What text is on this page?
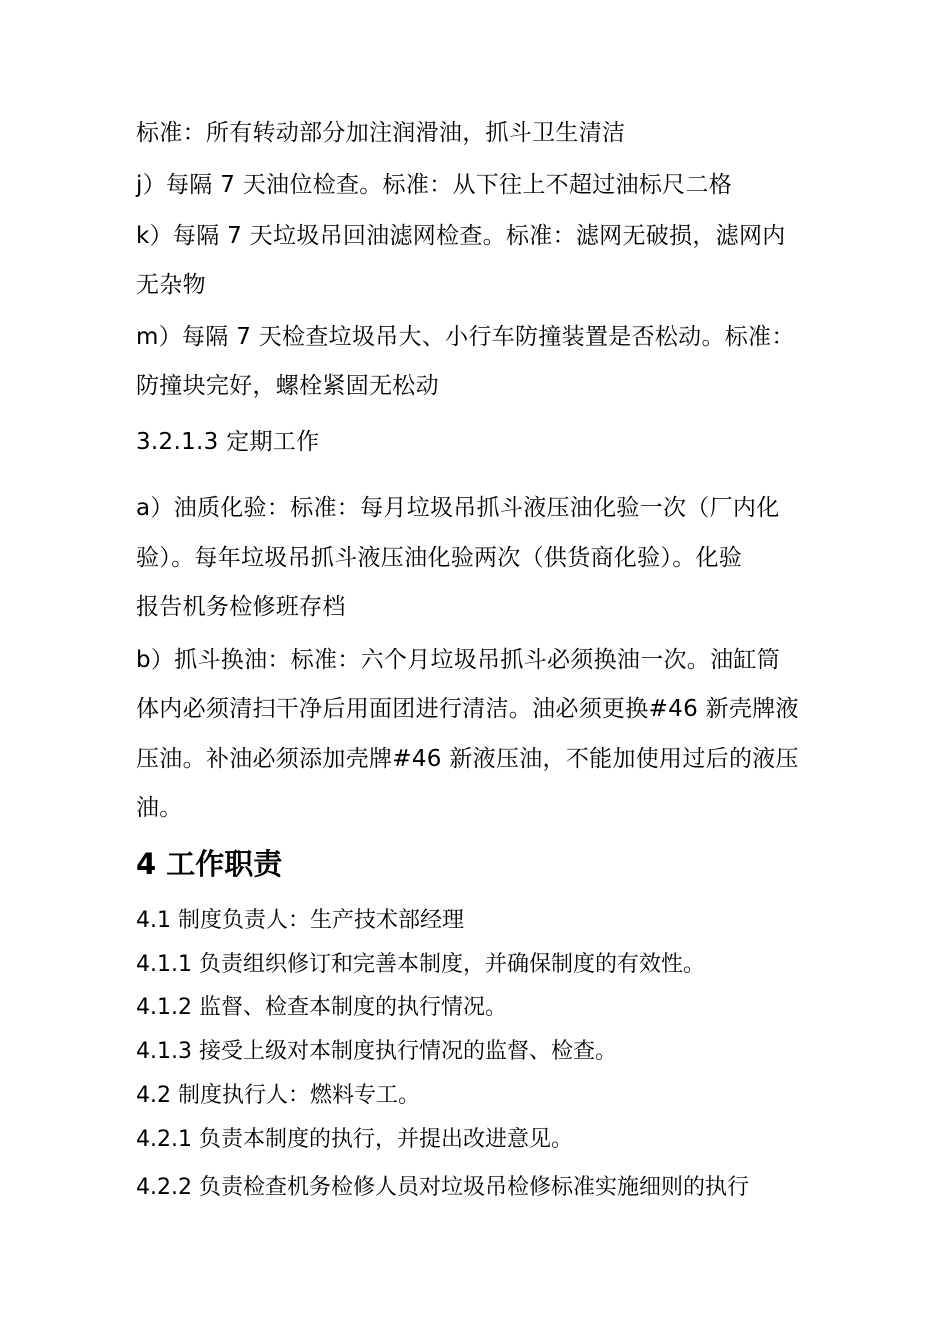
标准：所有转动部分加注润滑油，抓斗卫生清洁
j）每隔 7 天油位检查。标准：从下往上不超过油标尺二格
k）每隔 7 天垃圾吊回油滤网检查。标准：滤网无破损，滤网内
无杂物
m）每隔 7 天检查垃圾吊大、小行车防撞装置是否松动。标准：
防撞块完好，螺栓紧固无松动
3.2.1.3 定期工作
a）油质化验：标准：每月垃圾吊抓斗液压油化验一次（厂内化
验）。每年垃圾吊抓斗液压油化验两次（供货商化验）。化验
报告机务检修班存档
b）抓斗换油：标准：六个月垃圾吊抓斗必须换油一次。油缸筒
体内必须清扫干净后用面团进行清洁。油必须更换#46 新壳牌液
压油。补油必须添加壳牌#46 新液压油，不能加使用过后的液压
油。
4 工作职责
4.1 制度负责人：生产技术部经理
4.1.1 负责组织修订和完善本制度，并确保制度的有效性。
4.1.2 监督、检查本制度的执行情况。
4.1.3 接受上级对本制度执行情况的监督、检查。
4.2 制度执行人：燃料专工。
4.2.1 负责本制度的执行，并提出改进意见。
4.2.2 负责检查机务检修人员对垃圾吊检修标准实施细则的执行
